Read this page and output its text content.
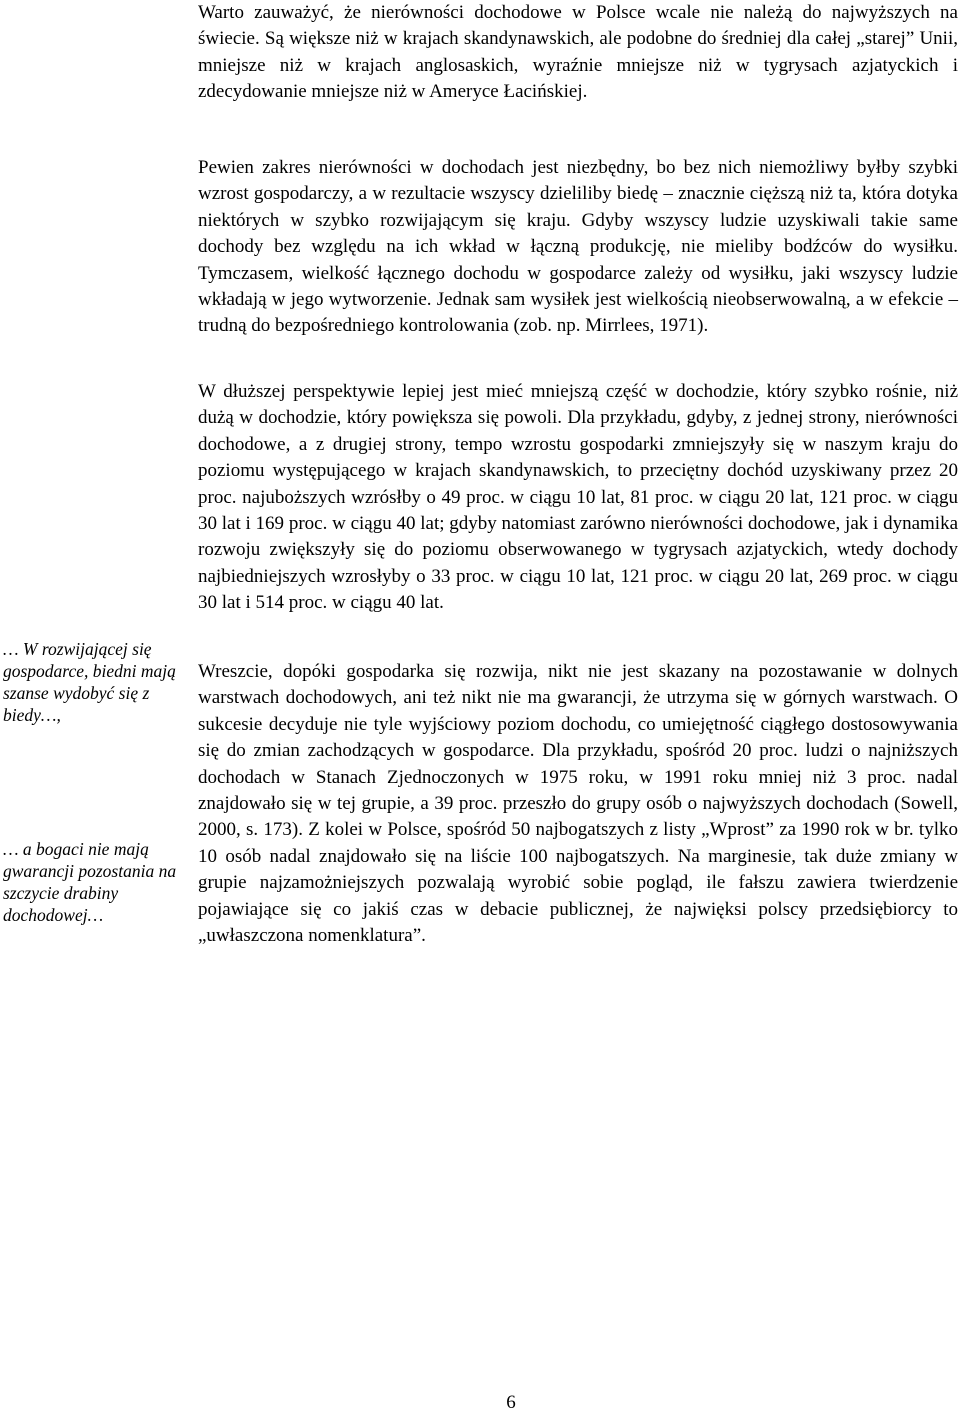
Warto zauważyć, że nierówności dochodowe w Polsce wcale nie należą do najwyższych na świecie. Są większe niż w krajach skandynawskich, ale podobne do średniej dla całej „starej” Unii, mniejsze niż w krajach anglosaskich, wyraźnie mniejsze niż w tygrysach azjatyckich i zdecydowanie mniejsze niż w Ameryce Łacińskiej.

Pewien zakres nierówności w dochodach jest niezbędny, bo bez nich niemożliwy byłby szybki wzrost gospodarczy, a w rezultacie wszyscy dzieliliby biedę – znacznie cięższą niż ta, która dotyka niektórych w szybko rozwijającym się kraju. Gdyby wszyscy ludzie uzyskiwali takie same dochody bez względu na ich wkład w łączną produkcję, nie mieliby bodźców do wysiłku. Tymczasem, wielkość łącznego dochodu w gospodarce zależy od wysiłku, jaki wszyscy ludzie wkładają w jego wytworzenie. Jednak sam wysiłek jest wielkością nieobserwowalną, a w efekcie – trudną do bezpośredniego kontrolowania (zob. np. Mirrlees, 1971).

W dłuższej perspektywie lepiej jest mieć mniejszą część w dochodzie, który szybko rośnie, niż dużą w dochodzie, który powiększa się powoli. Dla przykładu, gdyby, z jednej strony, nierówności dochodowe, a z drugiej strony, tempo wzrostu gospodarki zmniejszyły się w naszym kraju do poziomu występującego w krajach skandynawskich, to przeciętny dochód uzyskiwany przez 20 proc. najuboższych wzrósłby o 49 proc. w ciągu 10 lat, 81 proc. w ciągu 20 lat, 121 proc. w ciągu 30 lat i 169 proc. w ciągu 40 lat; gdyby natomiast zarówno nierówności dochodowe, jak i dynamika rozwoju zwiększyły się do poziomu obserwowanego w tygrysach azjatyckich, wtedy dochody najbiedniejszych wzrosłyby o 33 proc. w ciągu 10 lat, 121 proc. w ciągu 20 lat, 269 proc. w ciągu 30 lat i 514 proc. w ciągu 40 lat.

Wreszcie, dopóki gospodarka się rozwija, nikt nie jest skazany na pozostawanie w dolnych warstwach dochodowych, ani też nikt nie ma gwarancji, że utrzyma się w górnych warstwach. O sukcesie decyduje nie tyle wyjściowy poziom dochodu, co umiejętność ciągłego dostosowywania się do zmian zachodzących w gospodarce. Dla przykładu, spośród 20 proc. ludzi o najniższych dochodach w Stanach Zjednoczonych w 1975 roku, w 1991 roku mniej niż 3 proc. nadal znajdowało się w tej grupie, a 39 proc. przeszło do grupy osób o najwyższych dochodach (Sowell, 2000, s. 173). Z kolei w Polsce, spośród 50 najbogatszych z listy „Wprost” za 1990 rok w br. tylko 10 osób nadal znajdowało się na liście 100 najbogatszych. Na marginesie, tak duże zmiany w grupie najzamożniejszych pozwalają wyrobić sobie pogląd, ile fałszu zawiera twierdzenie pojawiające się co jakiś czas w debacie publicznej, że najwięksi polscy przedsiębiorcy to „uwłaszczona nomenklatura”.

… W rozwijającej się gospodarce, biedni mają szanse wydobyć się z biedy…,
… a bogaci nie mają gwarancji pozostania na szczycie drabiny dochodowej…
6
